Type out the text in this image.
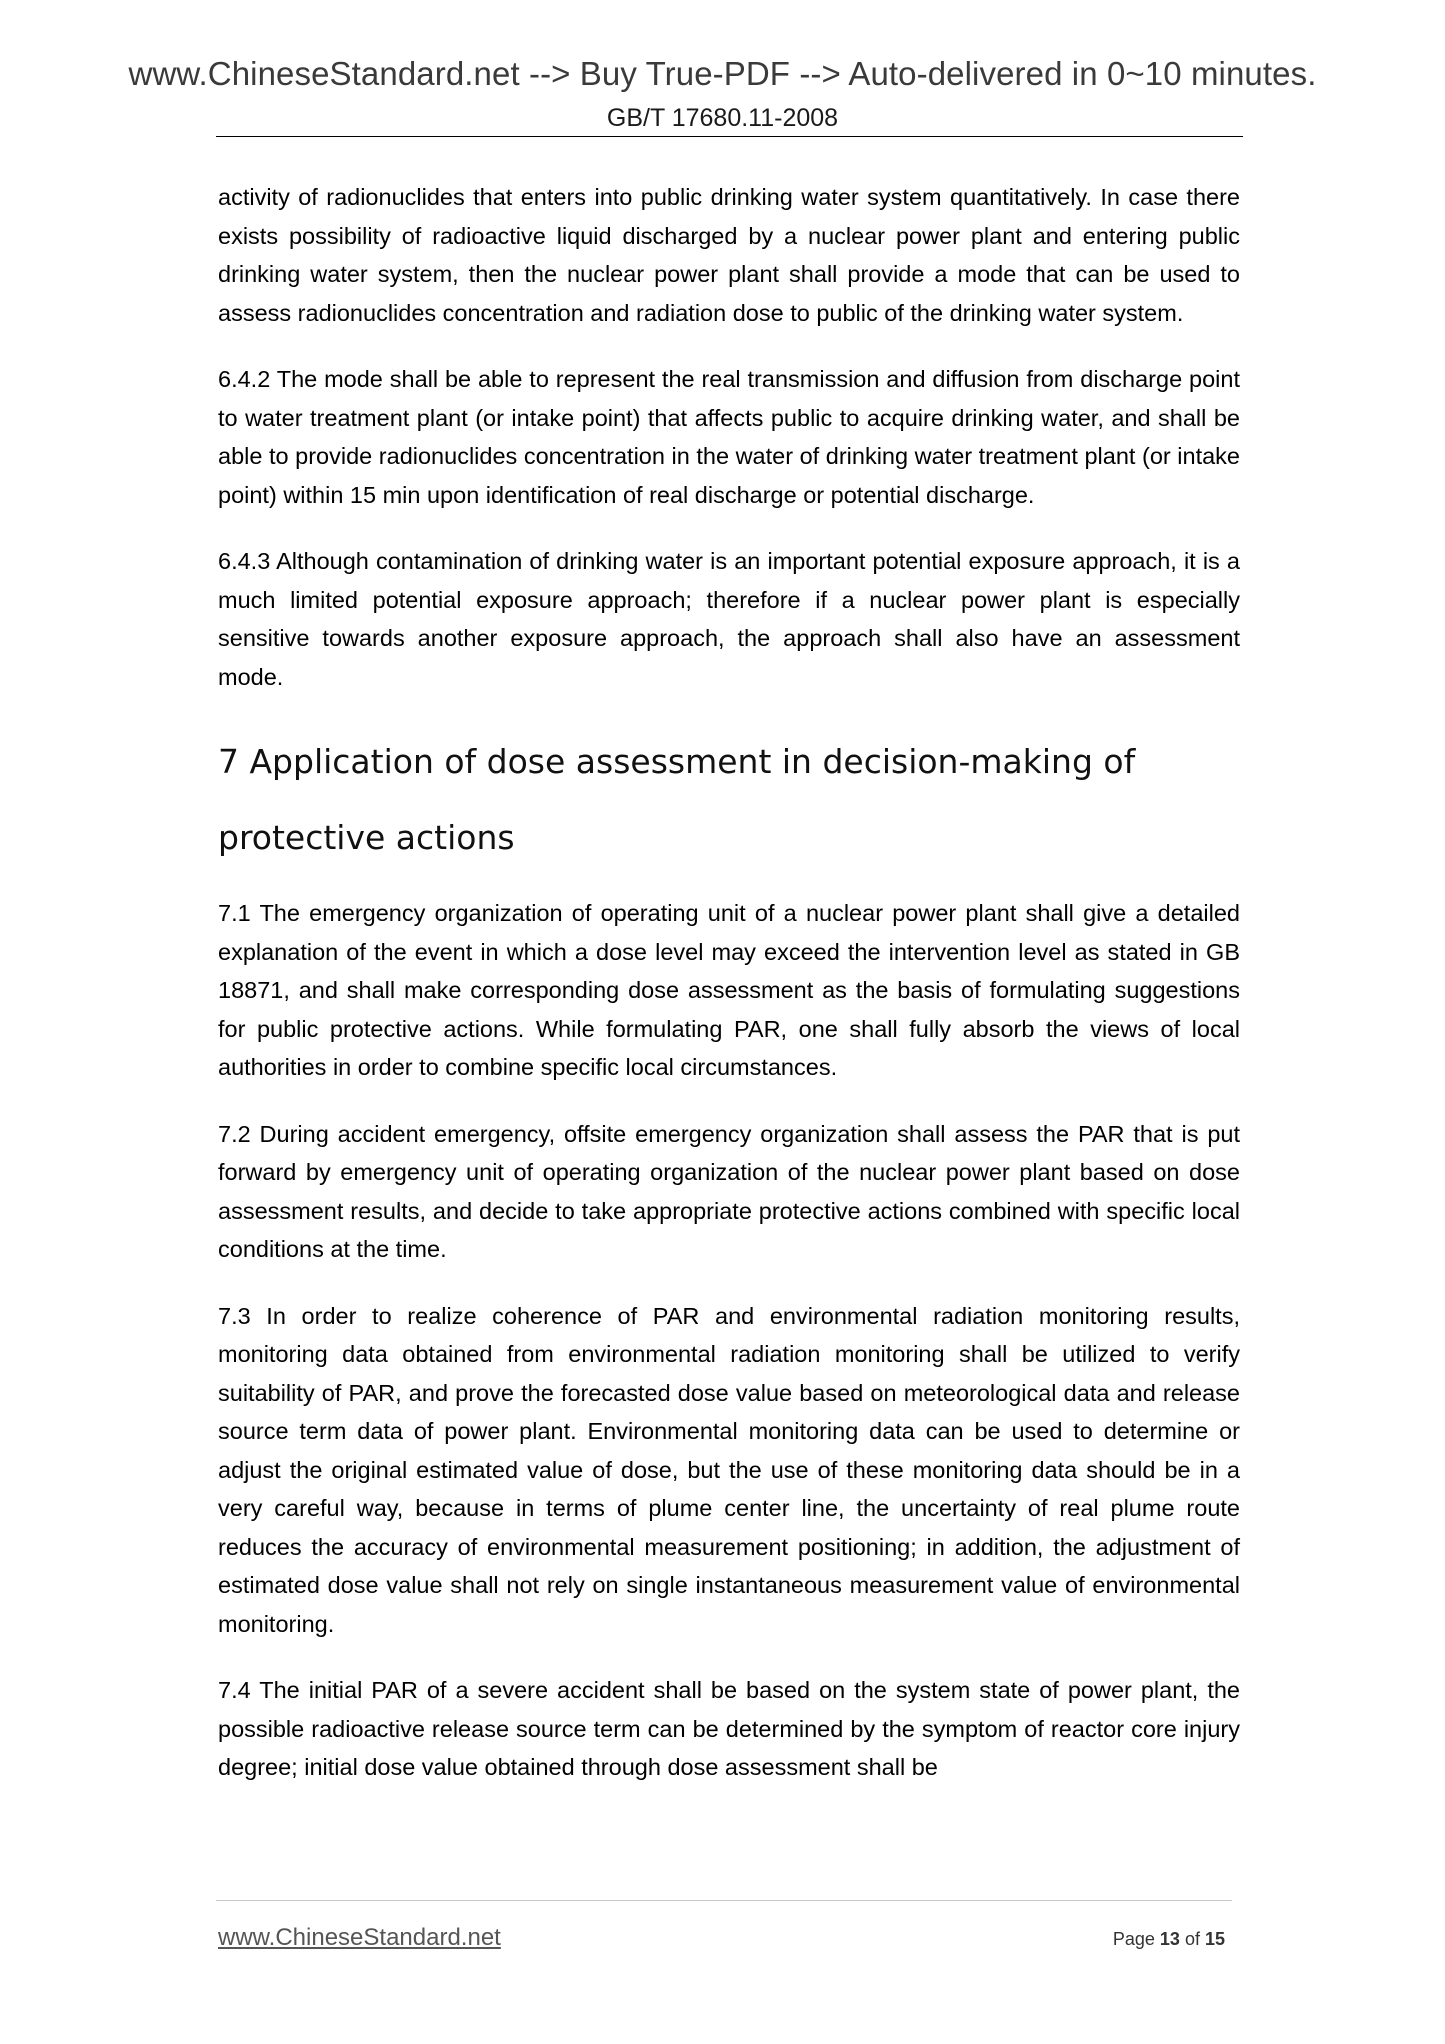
www.ChineseStandard.net --> Buy True-PDF --> Auto-delivered in 0~10 minutes.
GB/T 17680.11-2008

activity of radionuclides that enters into public drinking water system quantitatively. In case there exists possibility of radioactive liquid discharged by a nuclear power plant and entering public drinking water system, then the nuclear power plant shall provide a mode that can be used to assess radionuclides concentration and radiation dose to public of the drinking water system.

6.4.2 The mode shall be able to represent the real transmission and diffusion from discharge point to water treatment plant (or intake point) that affects public to acquire drinking water, and shall be able to provide radionuclides concentration in the water of drinking water treatment plant (or intake point) within 15 min upon identification of real discharge or potential discharge.

6.4.3 Although contamination of drinking water is an important potential exposure approach, it is a much limited potential exposure approach; therefore if a nuclear power plant is especially sensitive towards another exposure approach, the approach shall also have an assessment mode.

7 Application of dose assessment in decision-making of protective actions

7.1 The emergency organization of operating unit of a nuclear power plant shall give a detailed explanation of the event in which a dose level may exceed the intervention level as stated in GB 18871, and shall make corresponding dose assessment as the basis of formulating suggestions for public protective actions. While formulating PAR, one shall fully absorb the views of local authorities in order to combine specific local circumstances.

7.2 During accident emergency, offsite emergency organization shall assess the PAR that is put forward by emergency unit of operating organization of the nuclear power plant based on dose assessment results, and decide to take appropriate protective actions combined with specific local conditions at the time.

7.3 In order to realize coherence of PAR and environmental radiation monitoring results, monitoring data obtained from environmental radiation monitoring shall be utilized to verify suitability of PAR, and prove the forecasted dose value based on meteorological data and release source term data of power plant. Environmental monitoring data can be used to determine or adjust the original estimated value of dose, but the use of these monitoring data should be in a very careful way, because in terms of plume center line, the uncertainty of real plume route reduces the accuracy of environmental measurement positioning; in addition, the adjustment of estimated dose value shall not rely on single instantaneous measurement value of environmental monitoring.

7.4 The initial PAR of a severe accident shall be based on the system state of power plant, the possible radioactive release source term can be determined by the symptom of reactor core injury degree; initial dose value obtained through dose assessment shall be

www.ChineseStandard.net	Page 13 of 15
